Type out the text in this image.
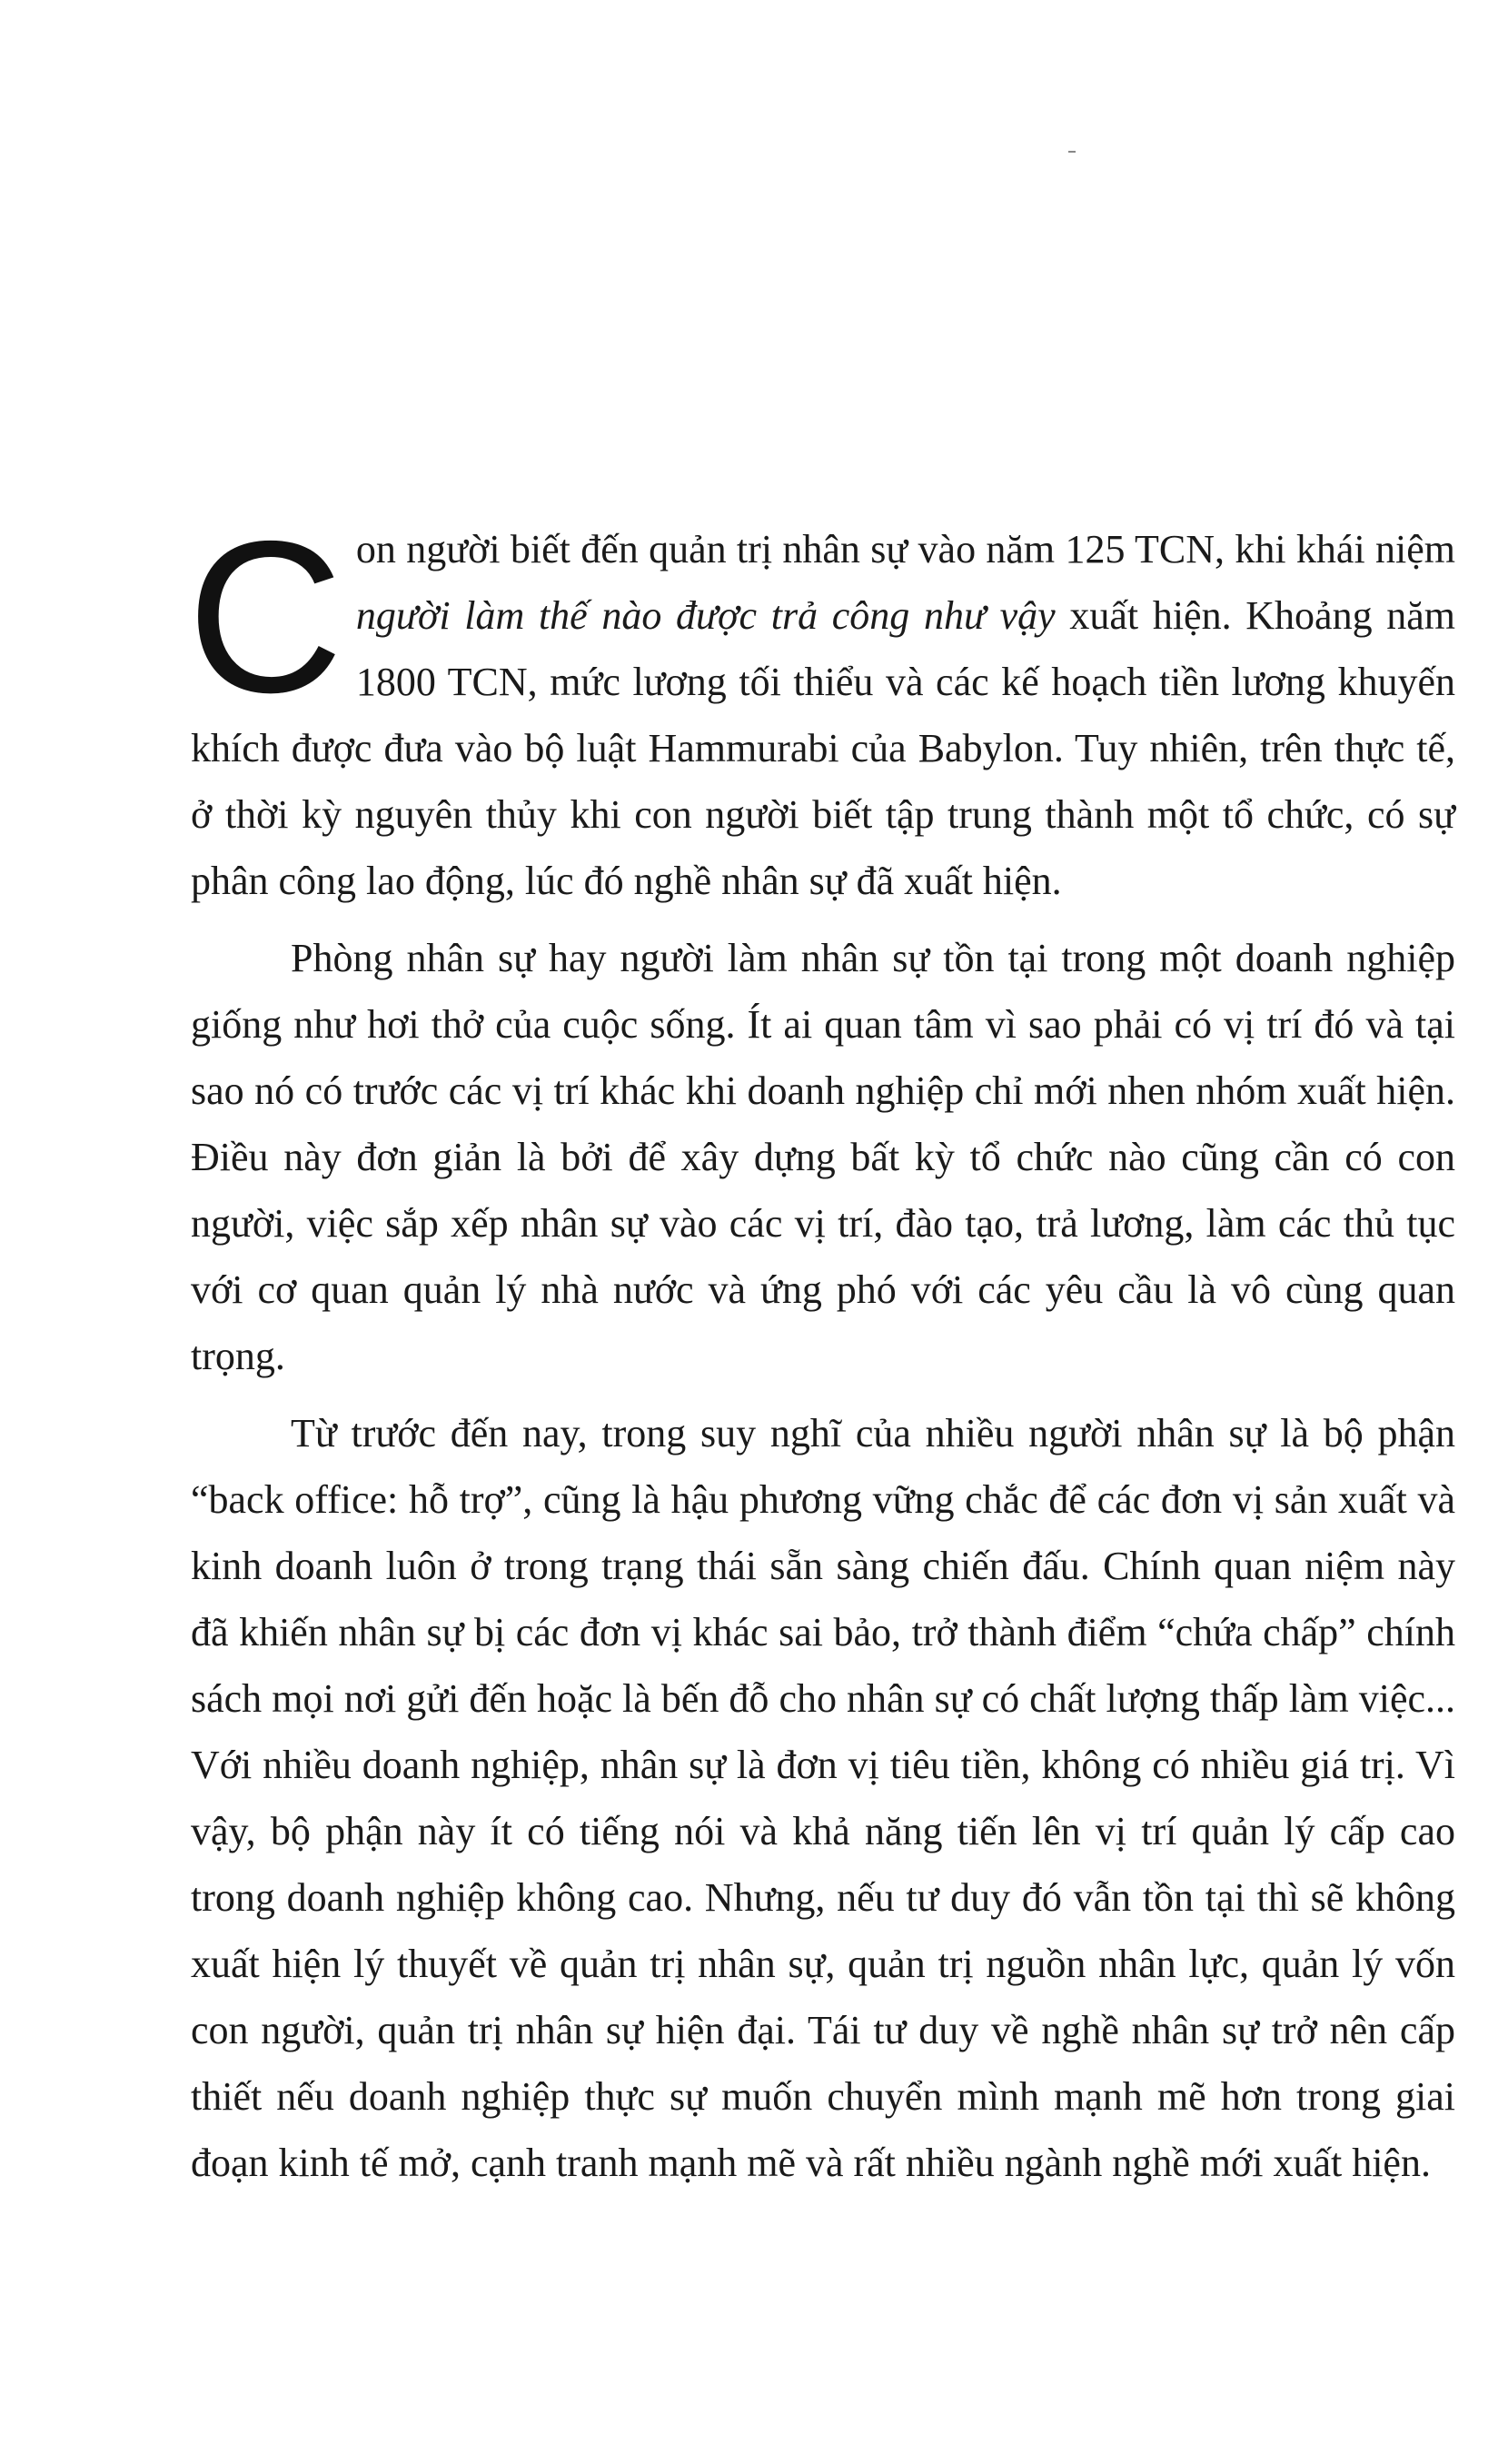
Con người biết đến quản trị nhân sự vào năm 125 TCN, khi khái niệm người làm thế nào được trả công như vậy xuất hiện. Khoảng năm 1800 TCN, mức lương tối thiểu và các kế hoạch tiền lương khuyến khích được đưa vào bộ luật Hammurabi của Babylon. Tuy nhiên, trên thực tế, ở thời kỳ nguyên thủy khi con người biết tập trung thành một tổ chức, có sự phân công lao động, lúc đó nghề nhân sự đã xuất hiện.

Phòng nhân sự hay người làm nhân sự tồn tại trong một doanh nghiệp giống như hơi thở của cuộc sống. Ít ai quan tâm vì sao phải có vị trí đó và tại sao nó có trước các vị trí khác khi doanh nghiệp chỉ mới nhen nhóm xuất hiện. Điều này đơn giản là bởi để xây dựng bất kỳ tổ chức nào cũng cần có con người, việc sắp xếp nhân sự vào các vị trí, đào tạo, trả lương, làm các thủ tục với cơ quan quản lý nhà nước và ứng phó với các yêu cầu là vô cùng quan trọng.

Từ trước đến nay, trong suy nghĩ của nhiều người nhân sự là bộ phận “back office: hỗ trợ”, cũng là hậu phương vững chắc để các đơn vị sản xuất và kinh doanh luôn ở trong trạng thái sẵn sàng chiến đấu. Chính quan niệm này đã khiến nhân sự bị các đơn vị khác sai bảo, trở thành điểm “chứa chấp” chính sách mọi nơi gửi đến hoặc là bến đỗ cho nhân sự có chất lượng thấp làm việc... Với nhiều doanh nghiệp, nhân sự là đơn vị tiêu tiền, không có nhiều giá trị. Vì vậy, bộ phận này ít có tiếng nói và khả năng tiến lên vị trí quản lý cấp cao trong doanh nghiệp không cao. Nhưng, nếu tư duy đó vẫn tồn tại thì sẽ không xuất hiện lý thuyết về quản trị nhân sự, quản trị nguồn nhân lực, quản lý vốn con người, quản trị nhân sự hiện đại. Tái tư duy về nghề nhân sự trở nên cấp thiết nếu doanh nghiệp thực sự muốn chuyển mình mạnh mẽ hơn trong giai đoạn kinh tế mở, cạnh tranh mạnh mẽ và rất nhiều ngành nghề mới xuất hiện.
